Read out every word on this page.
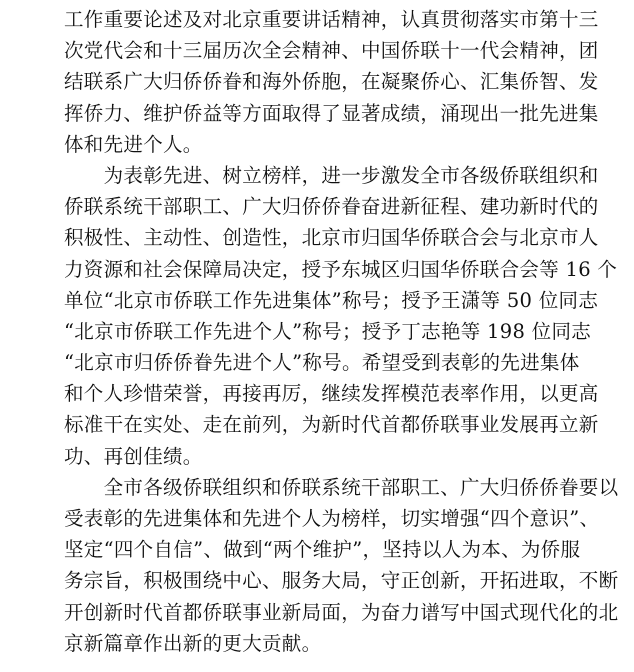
工作重要论述及对北京重要讲话精神，认真贯彻落实市第十三
次党代会和十三届历次全会精神、中国侨联十一代会精神，团
结联系广大归侨侨眷和海外侨胞，在凝聚侨心、汇集侨智、发
挥侨力、维护侨益等方面取得了显著成绩，涌现出一批先进集
体和先进个人。
　　为表彰先进、树立榜样，进一步激发全市各级侨联组织和
侨联系统干部职工、广大归侨侨眷奋进新征程、建功新时代的
积极性、主动性、创造性，北京市归国华侨联合会与北京市人
力资源和社会保障局决定，授予东城区归国华侨联合会等 16 个
单位“北京市侨联工作先进集体”称号；授予王潇等 50 位同志
“北京市侨联工作先进个人”称号；授予丁志艳等 198 位同志
“北京市归侨侨眷先进个人”称号。希望受到表彰的先进集体
和个人珍惜荣誉，再接再厉，继续发挥模范表率作用，以更高
标准干在实处、走在前列，为新时代首都侨联事业发展再立新
功、再创佳绩。
　　全市各级侨联组织和侨联系统干部职工、广大归侨侨眷要以
受表彰的先进集体和先进个人为榜样，切实增强“四个意识”、
坚定“四个自信”、做到“两个维护”，坚持以人为本、为侨服
务宗旨，积极围绕中心、服务大局，守正创新，开拓进取，不断
开创新时代首都侨联事业新局面，为奋力谱写中国式现代化的北
京新篇章作出新的更大贡献。
